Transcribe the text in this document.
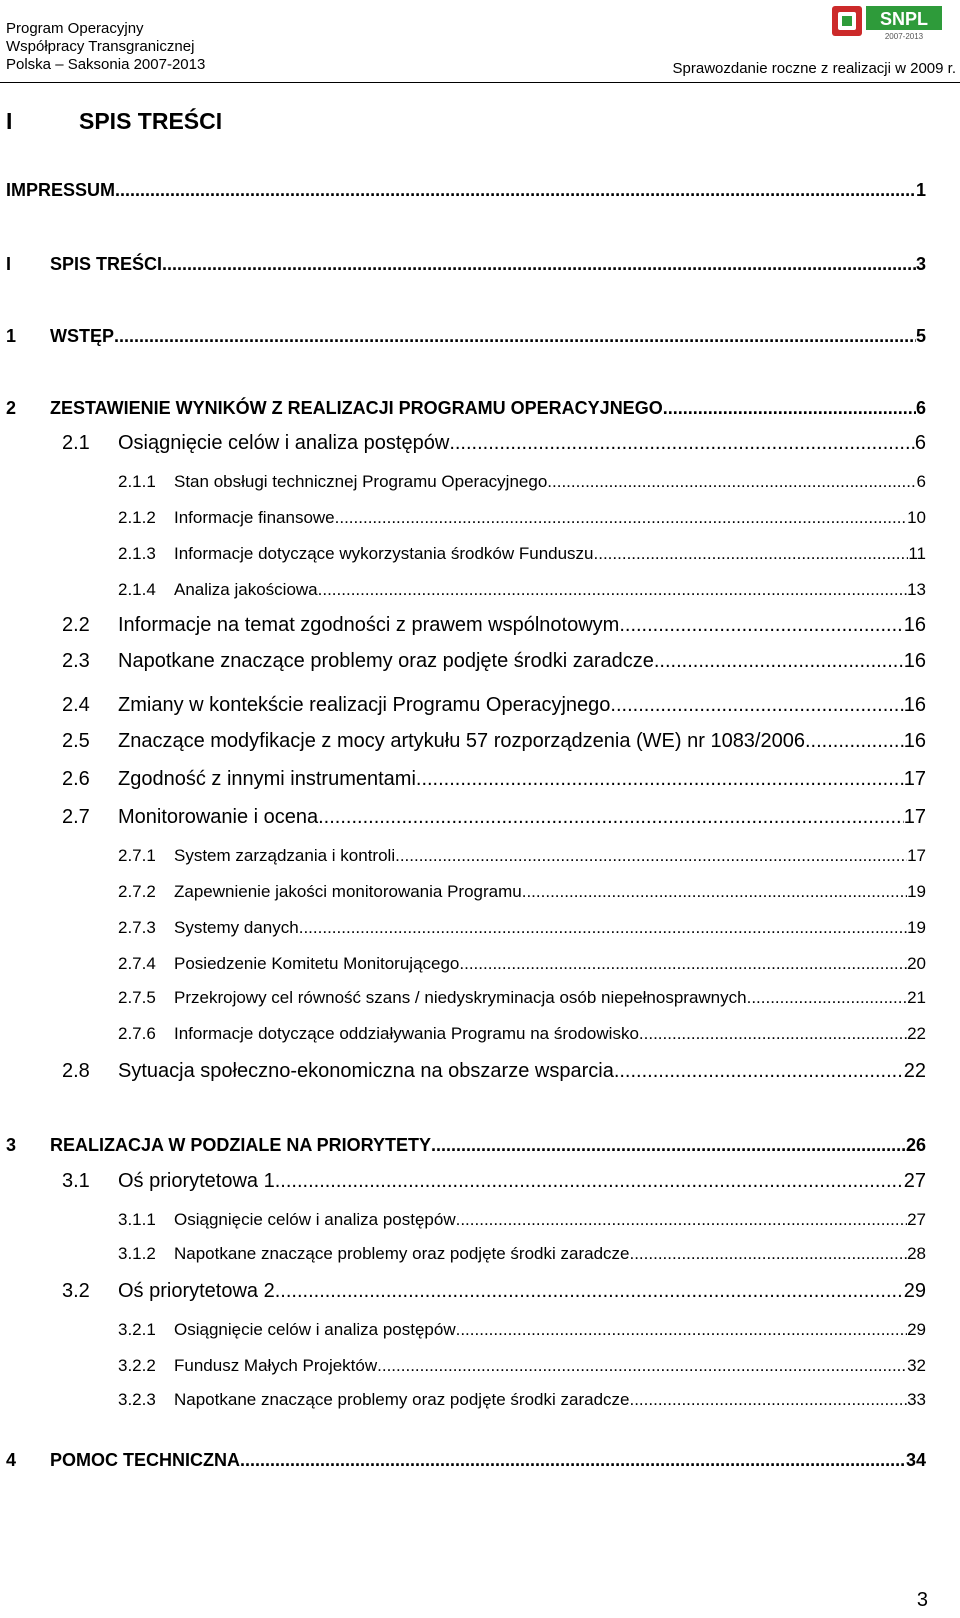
Program Operacyjny
Współpracy Transgranicznej
Polska – Saksonia 2007-2013
SNPL
2007-2013
Sprawozdanie roczne z realizacji w 2009 r.
I	SPIS TREŚCI
IMPRESSUM .....	1
I SPIS TREŚCI .....	3
1 WSTĘP .....	5
2 ZESTAWIENIE WYNIKÓW Z REALIZACJI PROGRAMU OPERACYJNEGO .....	6
2.1 Osiągnięcie celów i analiza postępów .....	6
2.1.1 Stan obsługi technicznej Programu Operacyjnego .....	6
2.1.2 Informacje finansowe .....	10
2.1.3 Informacje dotyczące wykorzystania środków Funduszu .....	11
2.1.4 Analiza jakościowa .....	13
2.2 Informacje na temat zgodności z prawem wspólnotowym .....	16
2.3 Napotkane znaczące problemy oraz podjęte środki zaradcze .....	16
2.4 Zmiany w kontekście realizacji Programu Operacyjnego .....	16
2.5 Znaczące modyfikacje z mocy artykułu 57 rozporządzenia (WE) nr 1083/2006 .....	16
2.6 Zgodność z innymi instrumentami .....	17
2.7 Monitorowanie i ocena .....	17
2.7.1 System zarządzania i kontroli .....	17
2.7.2 Zapewnienie jakości monitorowania Programu .....	19
2.7.3 Systemy danych .....	19
2.7.4 Posiedzenie Komitetu Monitorującego .....	20
2.7.5 Przekrojowy cel równość szans / niedyskryminacja osób niepełnosprawnych .....	21
2.7.6 Informacje dotyczące oddziaływania Programu na środowisko .....	22
2.8 Sytuacja społeczno-ekonomiczna na obszarze wsparcia .....	22
3 REALIZACJA W PODZIALE NA PRIORYTETY .....	26
3.1 Oś priorytetowa 1 .....	27
3.1.1 Osiągnięcie celów i analiza postępów .....	27
3.1.2 Napotkane znaczące problemy oraz podjęte środki zaradcze .....	28
3.2 Oś priorytetowa 2 .....	29
3.2.1 Osiągnięcie celów i analiza postępów .....	29
3.2.2 Fundusz Małych Projektów .....	32
3.2.3 Napotkane znaczące problemy oraz podjęte środki zaradcze .....	33
4 POMOC TECHNICZNA .....	34
3
